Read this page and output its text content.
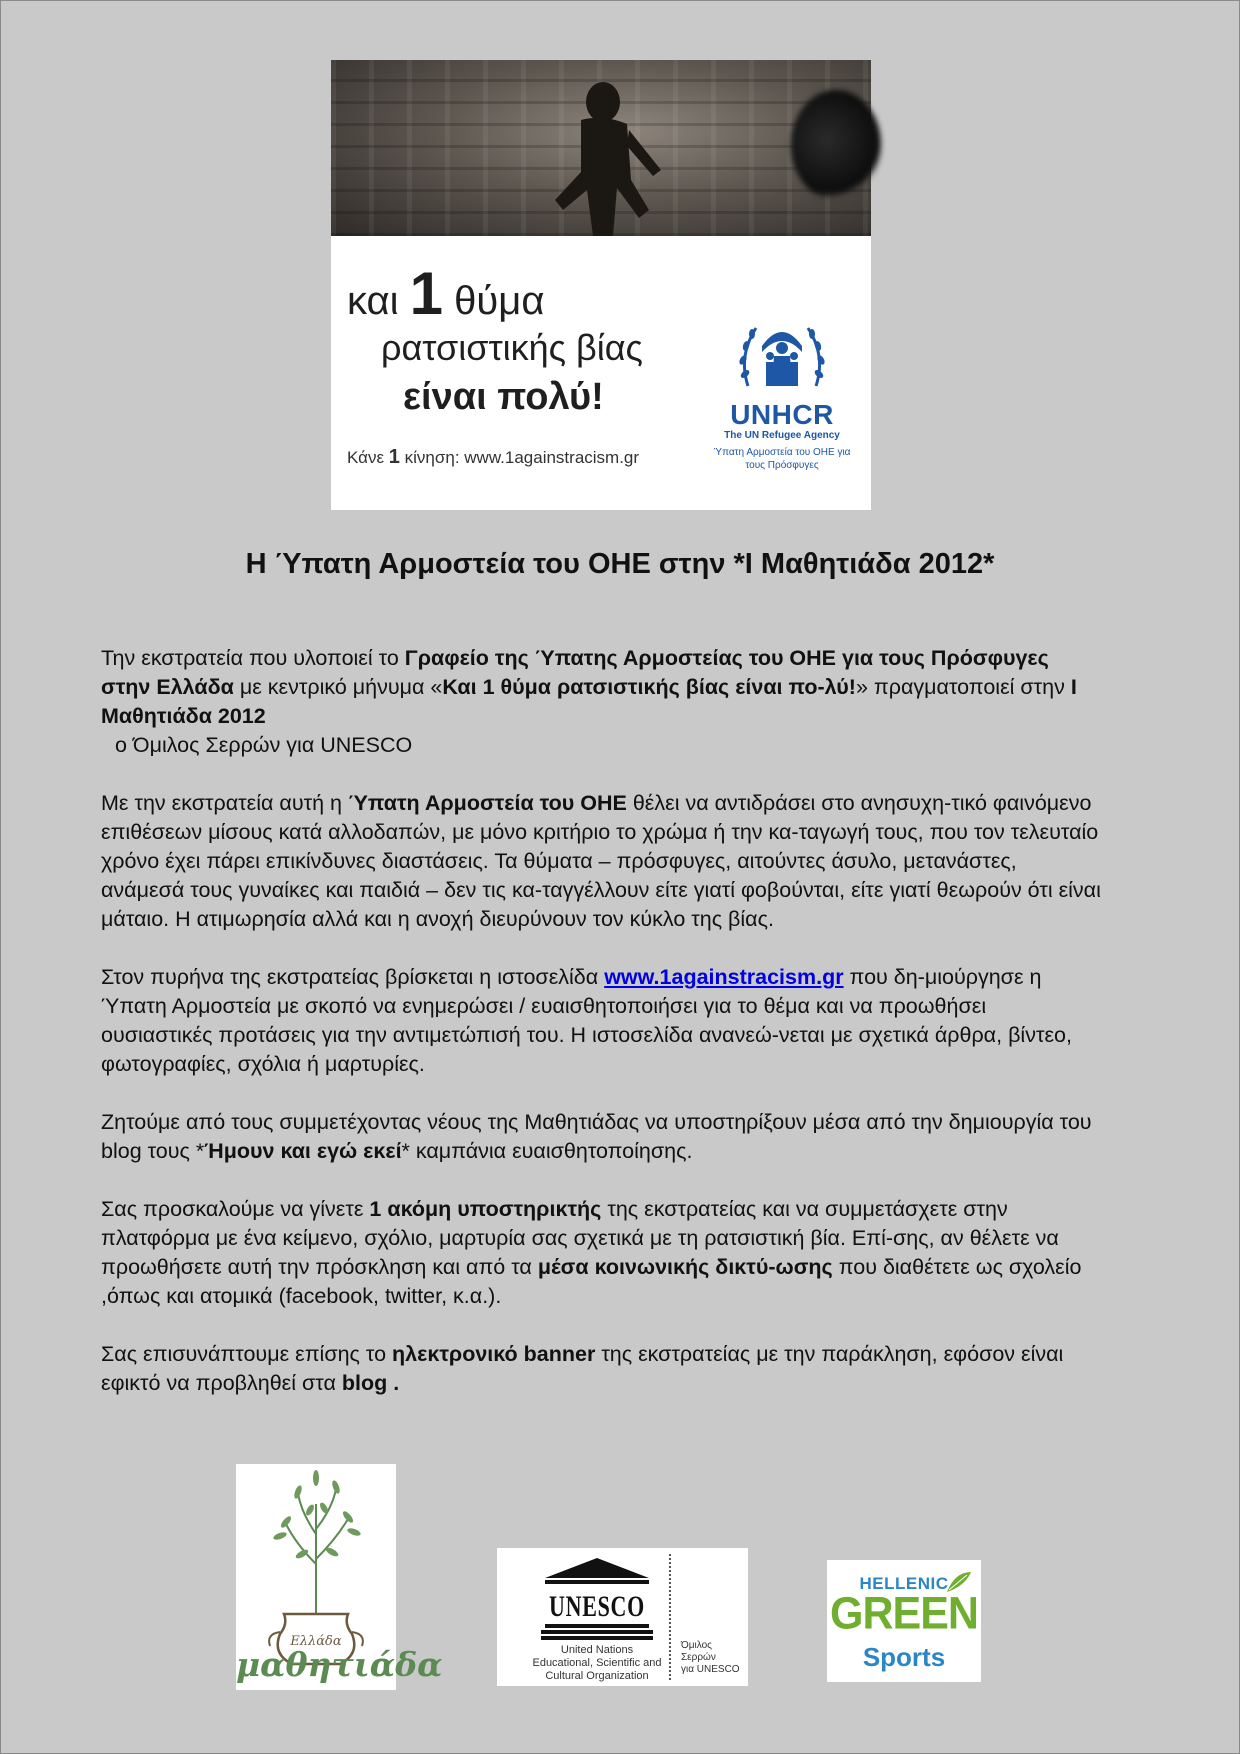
και 1 θύμα
ρατσιστικής βίας
είναι πολύ!
Κάνε 1 κίνηση: www.1againstracism.gr
UNHCR
The UN Refugee Agency
Ύπατη Αρμοστεία του ΟΗΕ για τους Πρόσφυγες
Η Ύπατη Αρμοστεία του ΟΗΕ στην *I Μαθητιάδα 2012*

Την εκστρατεία που υλοποιεί το Γραφείο της Ύπατης Αρμοστείας του ΟΗΕ για τους Πρόσφυγες στην Ελλάδα με κεντρικό μήνυμα «Και 1 θύμα ρατσιστικής βίας είναι πο-λύ!» πραγματοποιεί στην I Μαθητιάδα 2012
ο Όμιλος Σερρών για UNESCO

Με την εκστρατεία αυτή η Ύπατη Αρμοστεία του ΟΗΕ θέλει να αντιδράσει στο ανησυχη-τικό φαινόμενο επιθέσεων μίσους κατά αλλοδαπών, με μόνο κριτήριο το χρώμα ή την κα-ταγωγή τους, που τον τελευταίο χρόνο έχει πάρει επικίνδυνες διαστάσεις. Τα θύματα – πρόσφυγες, αιτούντες άσυλο, μετανάστες, ανάμεσά τους γυναίκες και παιδιά – δεν τις κα-ταγγέλλουν είτε γιατί φοβούνται, είτε γιατί θεωρούν ότι είναι μάταιο. Η ατιμωρησία αλλά και η ανοχή διευρύνουν τον κύκλο της βίας.

Στον πυρήνα της εκστρατείας βρίσκεται η ιστοσελίδα www.1againstracism.gr που δη-μιούργησε η Ύπατη Αρμοστεία με σκοπό να ενημερώσει / ευαισθητοποιήσει για το θέμα και να προωθήσει ουσιαστικές προτάσεις για την αντιμετώπισή του. Η ιστοσελίδα ανανεώ-νεται με σχετικά άρθρα, βίντεο, φωτογραφίες, σχόλια ή μαρτυρίες.

Ζητούμε από τους συμμετέχοντας νέους της Μαθητιάδας να υποστηρίξουν μέσα από την δημιουργία του blog τους *Ήμουν και εγώ εκεί* καμπάνια ευαισθητοποίησης.

Σας προσκαλούμε να γίνετε 1 ακόμη υποστηρικτής της εκστρατείας και να συμμετάσχετε στην πλατφόρμα με ένα κείμενο, σχόλιο, μαρτυρία σας σχετικά με τη ρατσιστική βία. Επί-σης, αν θέλετε να προωθήσετε αυτή την πρόσκληση και από τα μέσα κοινωνικής δικτύ-ωσης που διαθέτετε ως σχολείο ,όπως και ατομικά (facebook, twitter, κ.α.).

Σας επισυνάπτουμε επίσης το ηλεκτρονικό banner της εκστρατείας με την παράκληση, εφόσον είναι εφικτό να προβληθεί στα blog .

Ελλάδα
μαθητιάδα
UNESCO
United Nations
Educational, Scientific and
Cultural Organization
Όμιλος
Σερρών
για UNESCO
HELLENIC
GREEN
Sports
